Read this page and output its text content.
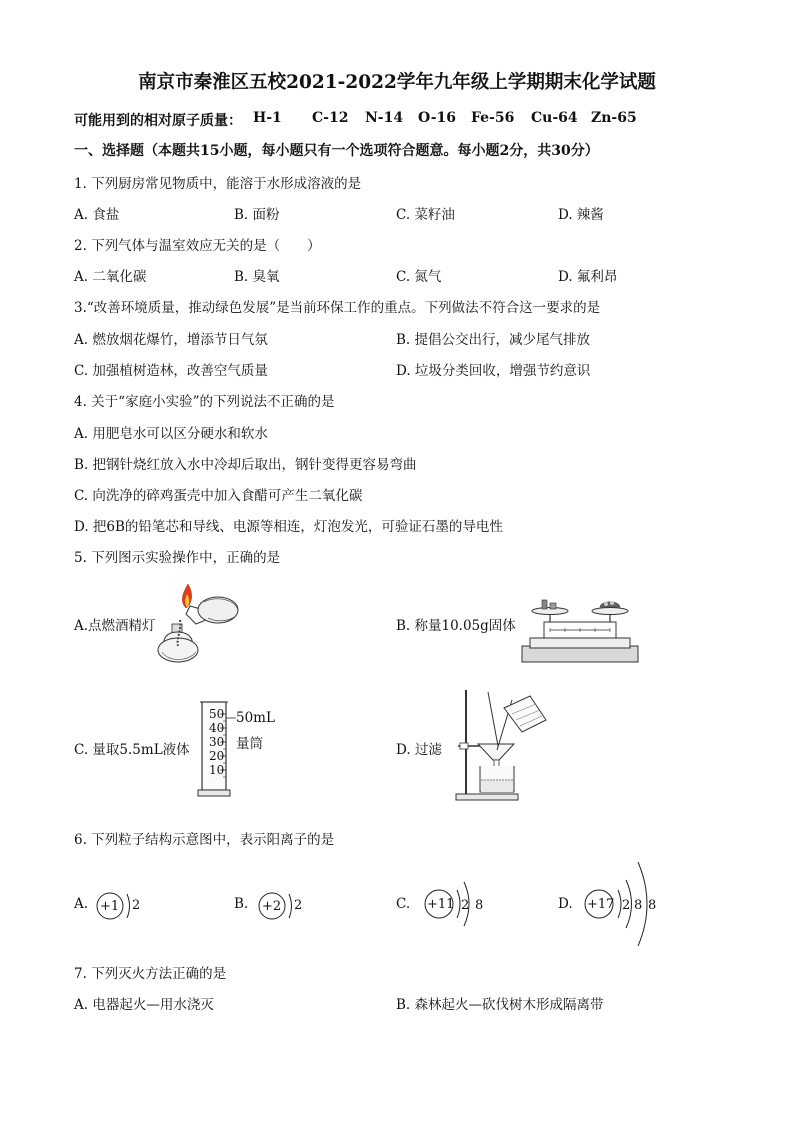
南京市秦淮区五校2021-2022学年九年级上学期期末化学试题
可能用到的相对原子质量： H-1 C-12 N-14 O-16 Fe-56 Cu-64 Zn-65
一、选择题（本题共15小题，每小题只有一个选项符合题意。每小题2分，共30分）
1. 下列厨房常见物质中，能溶于水形成溶液的是
A. 食盐	B. 面粉	C. 菜籽油	D. 辣酱
2. 下列气体与温室效应无关的是（　　）
A. 二氧化碳	B. 臭氧	C. 氮气	D. 氟利昂
3.“改善环境质量，推动绿色发展”是当前环保工作的重点。下列做法不符合这一要求的是
A. 燃放烟花爆竹，增添节日气氛	B. 提倡公交出行，减少尾气排放
C. 加强植树造林，改善空气质量	D. 垃圾分类回收，增强节约意识
4. 关于“家庭小实验”的下列说法不正确的是
A. 用肥皂水可以区分硬水和软水
B. 把钢针烧红放入水中冷却后取出，钢针变得更容易弯曲
C. 向洗净的碎鸡蛋壳中加入食醋可产生二氧化碳
D. 把6B的铅笔芯和导线、电源等相连，灯泡发光，可验证石墨的导电性
5. 下列图示实验操作中，正确的是
A.点燃酒精灯	B. 称量10.05g固体
C. 量取5.5mL液体
50
40
30
20
10
50mL
量筒	D. 过滤
6. 下列粒子结构示意图中，表示阳离子的是
A. +1 2	B. +2 2	C. +11 2 8	D. +17 2 8 8
7. 下列灭火方法正确的是
A. 电器起火—用水浇灭	B. 森林起火—砍伐树木形成隔离带
